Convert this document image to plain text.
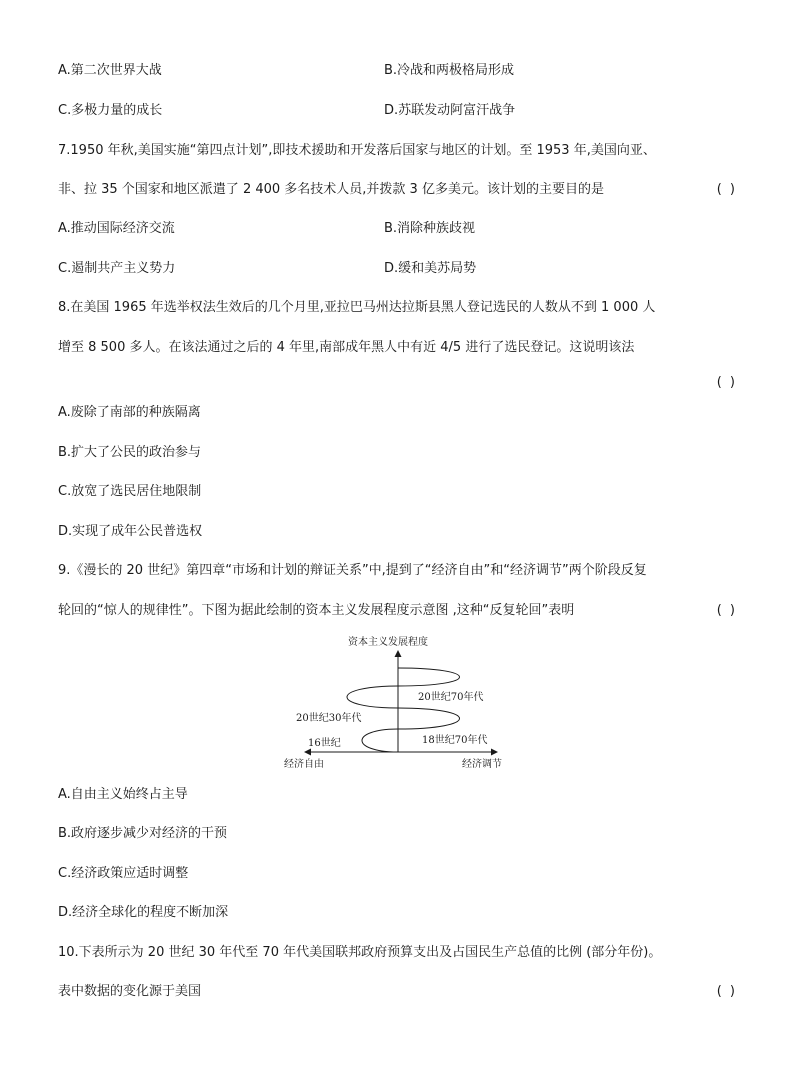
A.第二次世界大战	B.冷战和两极格局形成
C.多极力量的成长	D.苏联发动阿富汗战争
7.1950 年秋,美国实施“第四点计划”,即技术援助和开发落后国家与地区的计划。至 1953 年,美国向亚、
非、拉 35 个国家和地区派遣了 2 400 多名技术人员,并拨款 3 亿多美元。该计划的主要目的是	( )
A.推动国际经济交流	B.消除种族歧视
C.遏制共产主义势力	D.缓和美苏局势
8.在美国 1965 年选举权法生效后的几个月里,亚拉巴马州达拉斯县黑人登记选民的人数从不到 1 000 人
增至 8 500 多人。在该法通过之后的 4 年里,南部成年黑人中有近 4/5 进行了选民登记。这说明该法
( )
A.废除了南部的种族隔离
B.扩大了公民的政治参与
C.放宽了选民居住地限制
D.实现了成年公民普选权
9.《漫长的 20 世纪》第四章“市场和计划的辩证关系”中,提到了“经济自由”和“经济调节”两个阶段反复
轮回的“惊人的规律性”。下图为据此绘制的资本主义发展程度示意图 ,这种“反复轮回”表明	( )
资本主义发展程度
20世纪70年代
20世纪30年代
16世纪	18世纪70年代
经济自由	经济调节
A.自由主义始终占主导
B.政府逐步减少对经济的干预
C.经济政策应适时调整
D.经济全球化的程度不断加深
10.下表所示为 20 世纪 30 年代至 70 年代美国联邦政府预算支出及占国民生产总值的比例 (部分年份)。
表中数据的变化源于美国	( )
